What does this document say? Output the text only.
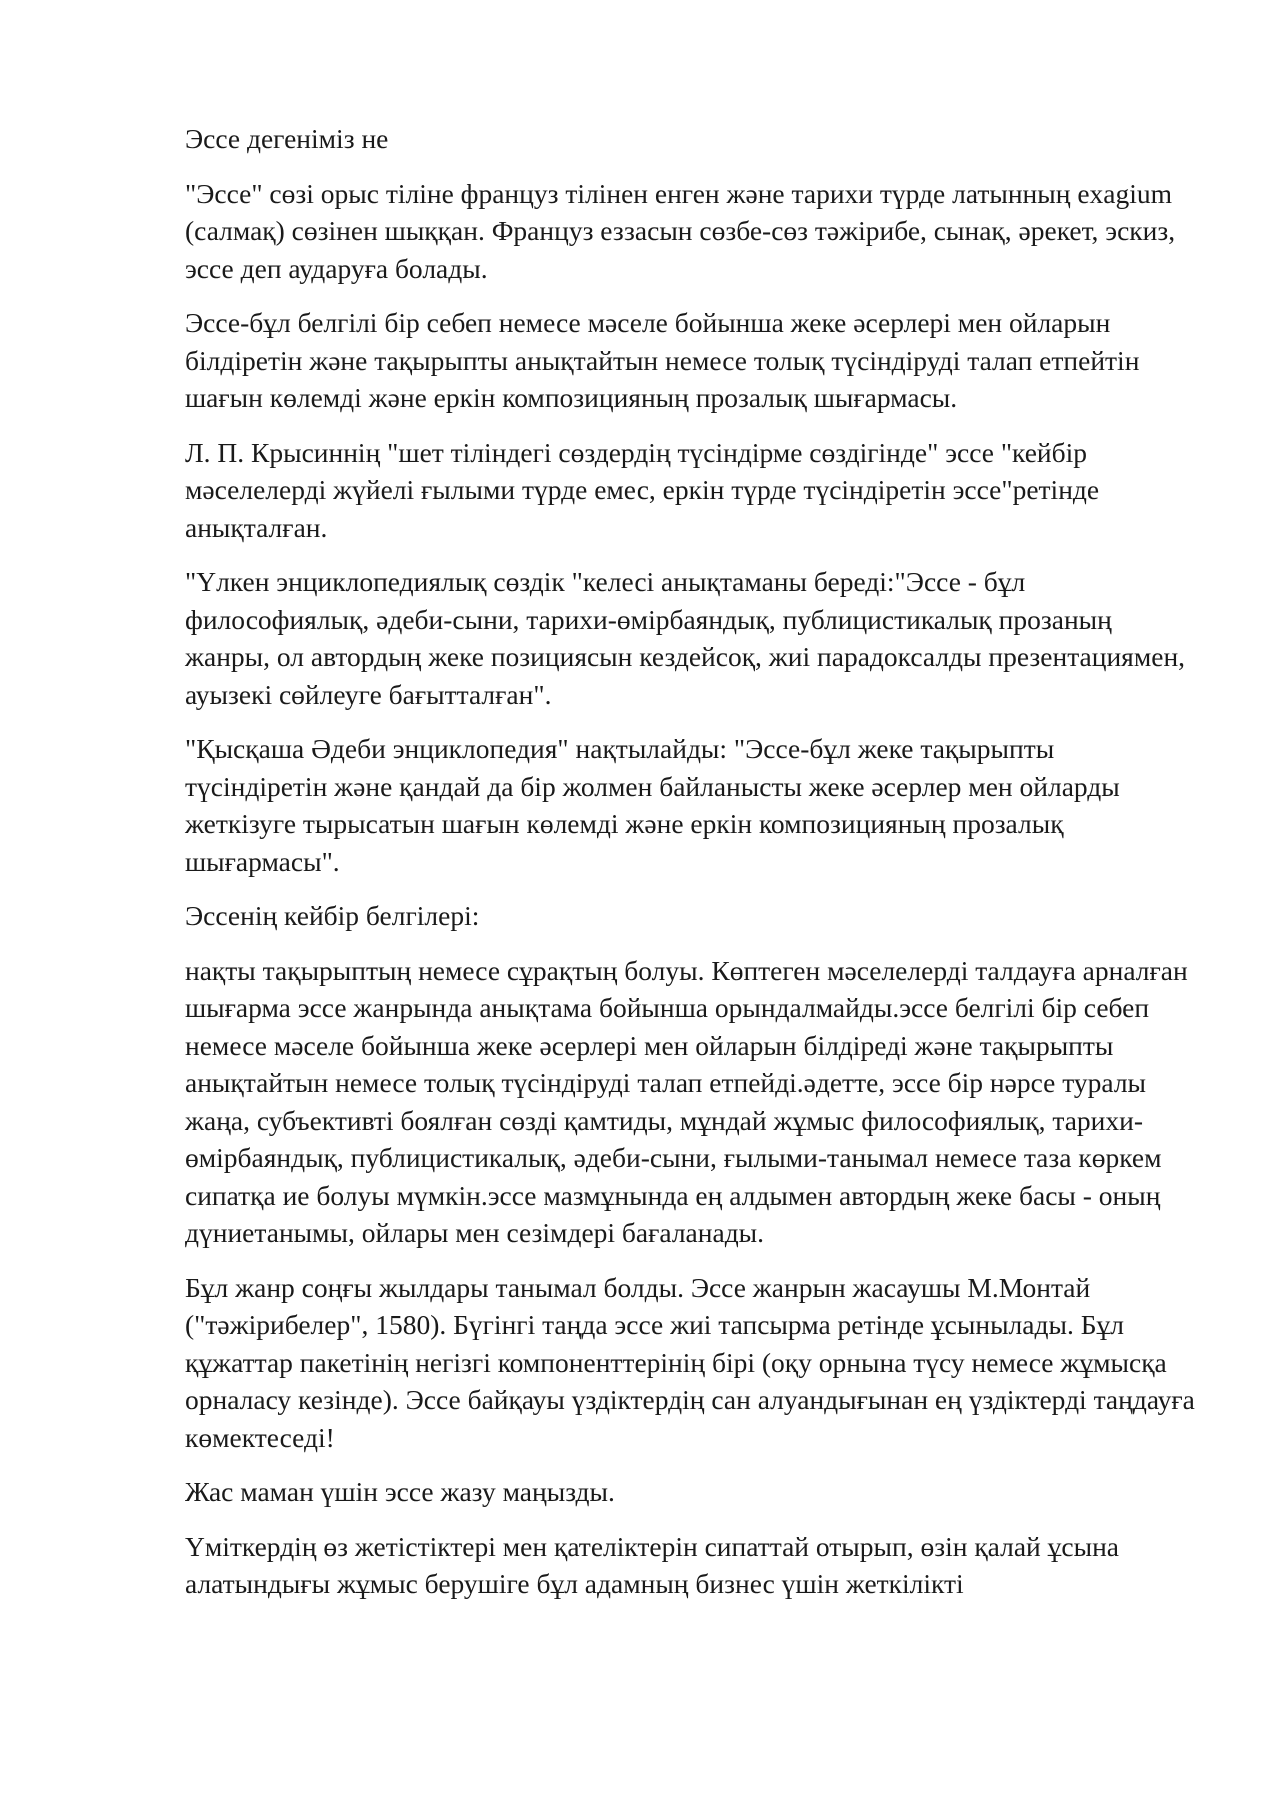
Эссе дегеніміз не

"Эссе" сөзі орыс тіліне француз тілінен енген және тарихи түрде латынның exagium (салмақ) сөзінен шыққан. Француз еззасын сөзбе-сөз тәжірибе, сынақ, әрекет, эскиз, эссе деп аударуға болады.

Эссе-бұл белгілі бір себеп немесе мәселе бойынша жеке әсерлері мен ойларын білдіретін және тақырыпты анықтайтын немесе толық түсіндіруді талап етпейтін шағын көлемді және еркін композицияның прозалық шығармасы.

Л. П. Крысиннің "шет тіліндегі сөздердің түсіндірме сөздігінде" эссе "кейбір мәселелерді жүйелі ғылыми түрде емес, еркін түрде түсіндіретін эссе"ретінде анықталған.

"Үлкен энциклопедиялық сөздік "келесі анықтаманы береді:"Эссе - бұл философиялық, әдеби-сыни, тарихи-өмірбаяндық, публицистикалық прозаның жанры, ол автордың жеке позициясын кездейсоқ, жиі парадоксалды презентациямен, ауызекі сөйлеуге бағытталған".

"Қысқаша Әдеби энциклопедия" нақтылайды: "Эссе-бұл жеке тақырыпты түсіндіретін және қандай да бір жолмен байланысты жеке әсерлер мен ойларды жеткізуге тырысатын шағын көлемді және еркін композицияның прозалық шығармасы".

Эссенің кейбір белгілері:

нақты тақырыптың немесе сұрақтың болуы. Көптеген мәселелерді талдауға арналған шығарма эссе жанрында анықтама бойынша орындалмайды.эссе белгілі бір себеп немесе мәселе бойынша жеке әсерлері мен ойларын білдіреді және тақырыпты анықтайтын немесе толық түсіндіруді талап етпейді.әдетте, эссе бір нәрсе туралы жаңа, субъективті боялған сөзді қамтиды, мұндай жұмыс философиялық, тарихи-өмірбаяндық, публицистикалық, әдеби-сыни, ғылыми-танымал немесе таза көркем сипатқа ие болуы мүмкін.эссе мазмұнында ең алдымен автордың жеке басы - оның дүниетанымы, ойлары мен сезімдері бағаланады.

Бұл жанр соңғы жылдары танымал болды. Эссе жанрын жасаушы М.Монтай ("тәжірибелер", 1580). Бүгінгі таңда эссе жиі тапсырма ретінде ұсынылады. Бұл құжаттар пакетінің негізгі компоненттерінің бірі (оқу орнына түсу немесе жұмысқа орналасу кезінде). Эссе байқауы үздіктердің сан алуандығынан ең үздіктерді таңдауға көмектеседі!

Жас маман үшін эссе жазу маңызды.

Үміткердің өз жетістіктері мен қателіктерін сипаттай отырып, өзін қалай ұсына алатындығы жұмыс берушіге бұл адамның бизнес үшін жеткілікті
